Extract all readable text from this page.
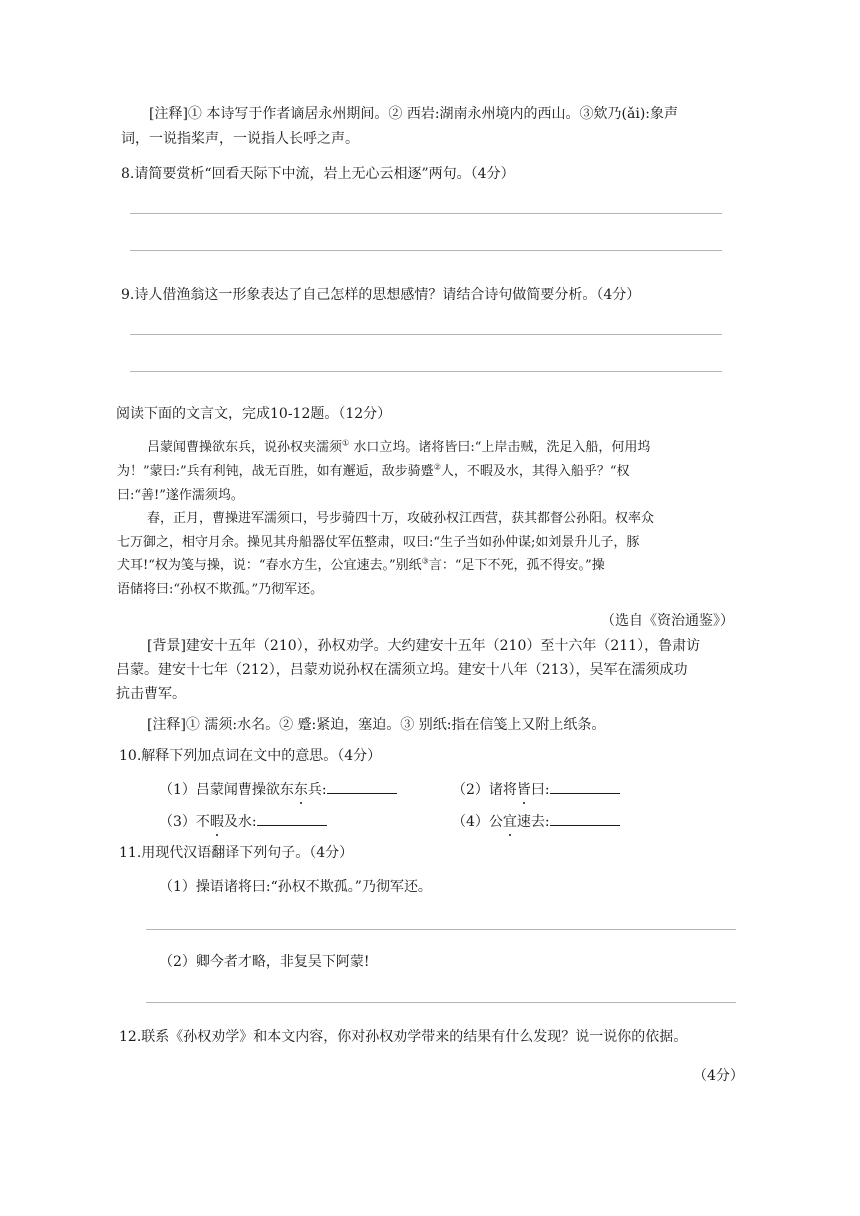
[注释]① 本诗写于作者谪居永州期间。② 西岩:湖南永州境内的西山。③欸乃(ǎi):象声
词，一说指桨声，一说指人长呼之声。
8.请简要赏析“回看天际下中流，岩上无心云相逐”两句。（4分）
9.诗人借渔翁这一形象表达了自己怎样的思想感情？请结合诗句做简要分析。（4分）
阅读下面的文言文，完成10-12题。（12分）
吕蒙闻曹操欲东兵，说孙权夹濡须① 水口立坞。诸将皆曰:“上岸击贼，洗足入船，何用坞
为！”蒙曰:”兵有利钝，战无百胜，如有邂逅，敌步骑蹙②人，不暇及水，其得入船乎？“权
曰:“善!”遂作濡须坞。
春，正月，曹操进军濡须口，号步骑四十万，攻破孙权江西营，获其都督公孙阳。权率众
七万御之，相守月余。操见其舟船器仗军伍整肃，叹曰:“生子当如孙仲谋;如刘景升儿子，豚
犬耳!“权为笺与操，说：“春水方生，公宜速去。”别纸③言：“足下不死，孤不得安。”操
语储将曰:“孙权不欺孤。”乃彻军还。
（选自《资治通鉴》）
[背景]建安十五年（210），孙权劝学。大约建安十五年（210）至十六年（211），鲁肃访
吕蒙。建安十七年（212），吕蒙劝说孙权在濡须立坞。建安十八年（213），吴军在濡须成功
抗击曹军。
[注释]① 濡须:水名。② 蹙:紧迫，塞迫。③ 别纸:指在信笺上又附上纸条。
10.解释下列加点词在文中的意思。（4分）
（1）吕蒙闻曹操欲东东兵:	（2）诸将皆曰:
（3）不暇及水:	（4）公宜速去:
11.用现代汉语翻译下列句子。（4分）
（1）操语诸将曰:“孙权不欺孤。”乃彻军还。
（2）卿今者才略，非复吴下阿蒙!
12.联系《孙权劝学》和本文内容，你对孙权劝学带来的结果有什么发现？说一说你的依据。
（4分）
